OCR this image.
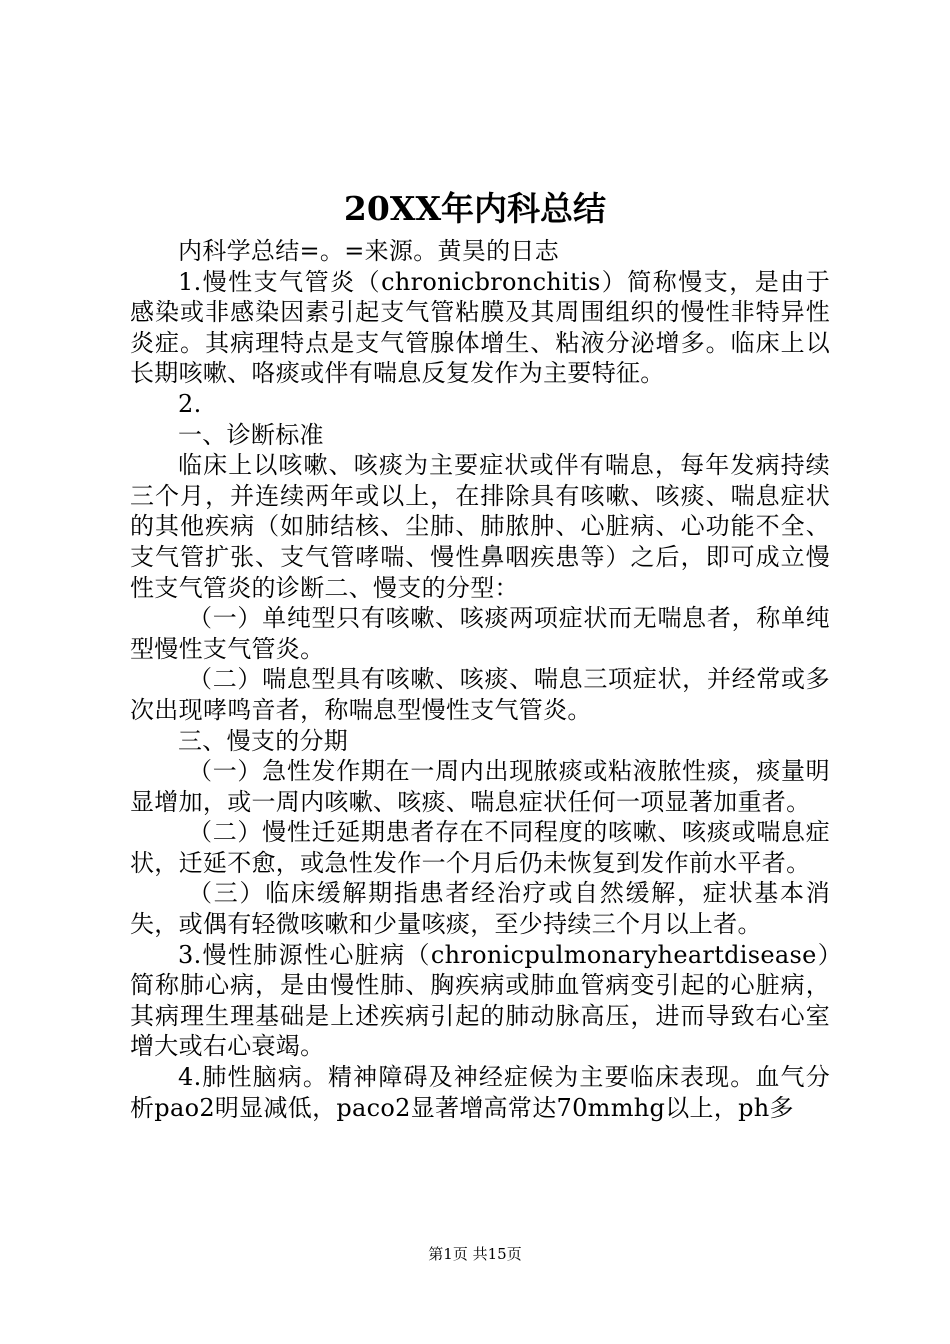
20XX年内科总结

内科学总结=。=来源。黄昊的日志

1.慢性支气管炎（chronicbronchitis）简称慢支，是由于感染或非感染因素引起支气管粘膜及其周围组织的慢性非特异性炎症。其病理特点是支气管腺体增生、粘液分泌增多。临床上以长期咳嗽、咯痰或伴有喘息反复发作为主要特征。

2.

一、诊断标准

临床上以咳嗽、咳痰为主要症状或伴有喘息，每年发病持续三个月，并连续两年或以上，在排除具有咳嗽、咳痰、喘息症状的其他疾病（如肺结核、尘肺、肺脓肿、心脏病、心功能不全、支气管扩张、支气管哮喘、慢性鼻咽疾患等）之后，即可成立慢性支气管炎的诊断二、慢支的分型：

（一）单纯型只有咳嗽、咳痰两项症状而无喘息者，称单纯型慢性支气管炎。

（二）喘息型具有咳嗽、咳痰、喘息三项症状，并经常或多次出现哮鸣音者，称喘息型慢性支气管炎。

三、慢支的分期

（一）急性发作期在一周内出现脓痰或粘液脓性痰，痰量明显增加，或一周内咳嗽、咳痰、喘息症状任何一项显著加重者。

（二）慢性迁延期患者存在不同程度的咳嗽、咳痰或喘息症状，迁延不愈，或急性发作一个月后仍未恢复到发作前水平者。

（三）临床缓解期指患者经治疗或自然缓解，症状基本消失，或偶有轻微咳嗽和少量咳痰，至少持续三个月以上者。

3.慢性肺源性心脏病（chronicpulmonaryheartdisease）简称肺心病，是由慢性肺、胸疾病或肺血管病变引起的心脏病，其病理生理基础是上述疾病引起的肺动脉高压，进而导致右心室增大或右心衰竭。

4.肺性脑病。精神障碍及神经症候为主要临床表现。血气分析pao2明显减低，paco2显著增高常达70mmhg以上，ph多

第1页 共15页
